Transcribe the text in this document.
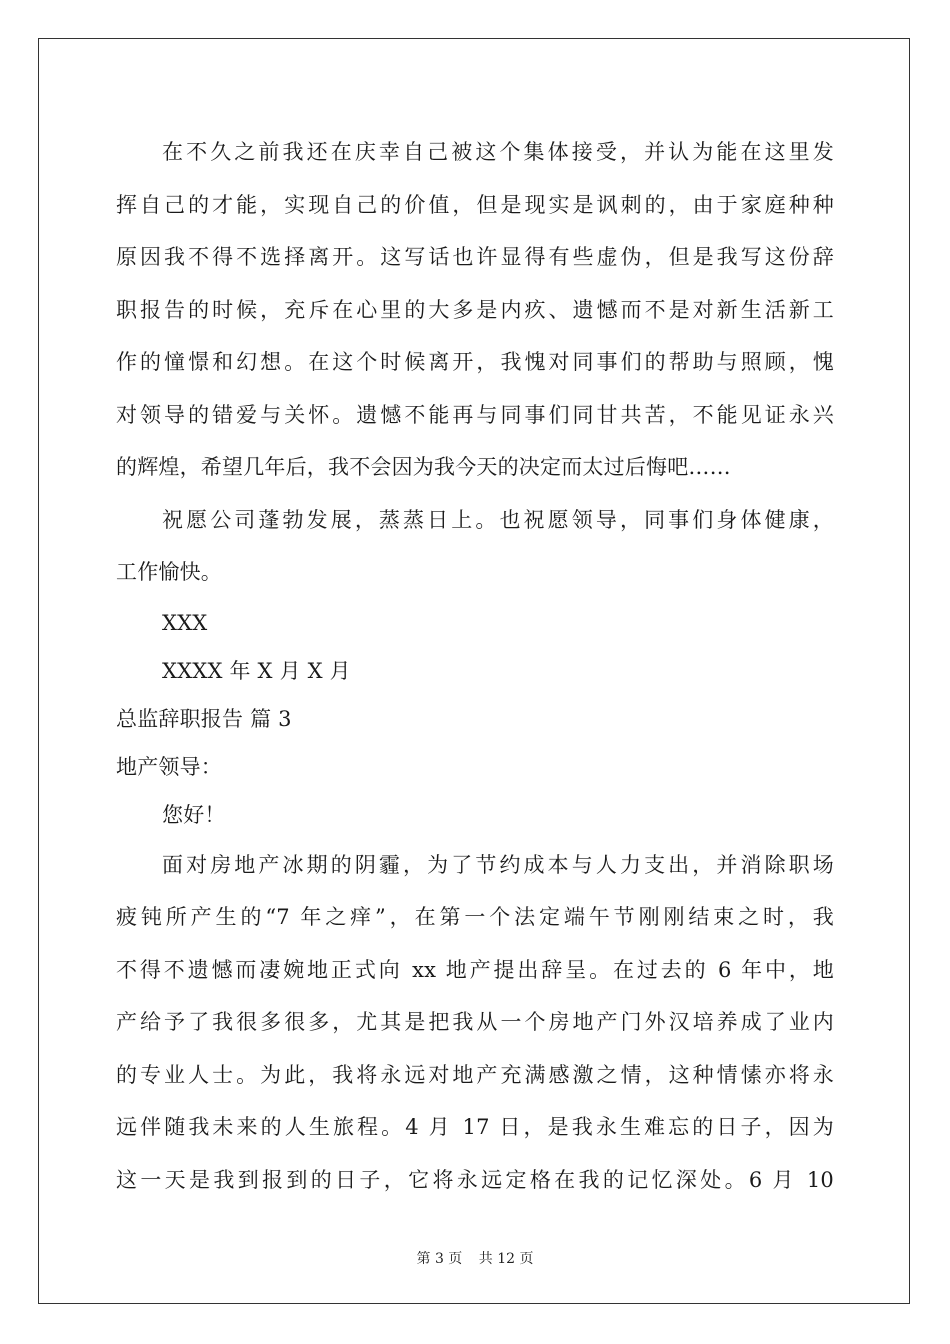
在不久之前我还在庆幸自己被这个集体接受，并认为能在这里发
挥自己的才能，实现自己的价值，但是现实是讽刺的，由于家庭种种
原因我不得不选择离开。这写话也许显得有些虚伪，但是我写这份辞
职报告的时候，充斥在心里的大多是内疚、遗憾而不是对新生活新工
作的憧憬和幻想。在这个时候离开，我愧对同事们的帮助与照顾，愧
对领导的错爱与关怀。遗憾不能再与同事们同甘共苦，不能见证永兴
的辉煌，希望几年后，我不会因为我今天的决定而太过后悔吧……
祝愿公司蓬勃发展，蒸蒸日上。也祝愿领导，同事们身体健康，
工作愉快。
XXX
XXXX 年 X 月 X 月
总监辞职报告 篇 3
地产领导：
您好！
面对房地产冰期的阴霾，为了节约成本与人力支出，并消除职场
疲钝所产生的“7 年之痒”，在第一个法定端午节刚刚结束之时，我
不得不遗憾而凄婉地正式向 xx 地产提出辞呈。在过去的 6 年中，地
产给予了我很多很多，尤其是把我从一个房地产门外汉培养成了业内
的专业人士。为此，我将永远对地产充满感激之情，这种情愫亦将永
远伴随我未来的人生旅程。4 月 17 日，是我永生难忘的日子，因为
这一天是我到报到的日子，它将永远定格在我的记忆深处。6 月 10
第 3 页 共 12 页
